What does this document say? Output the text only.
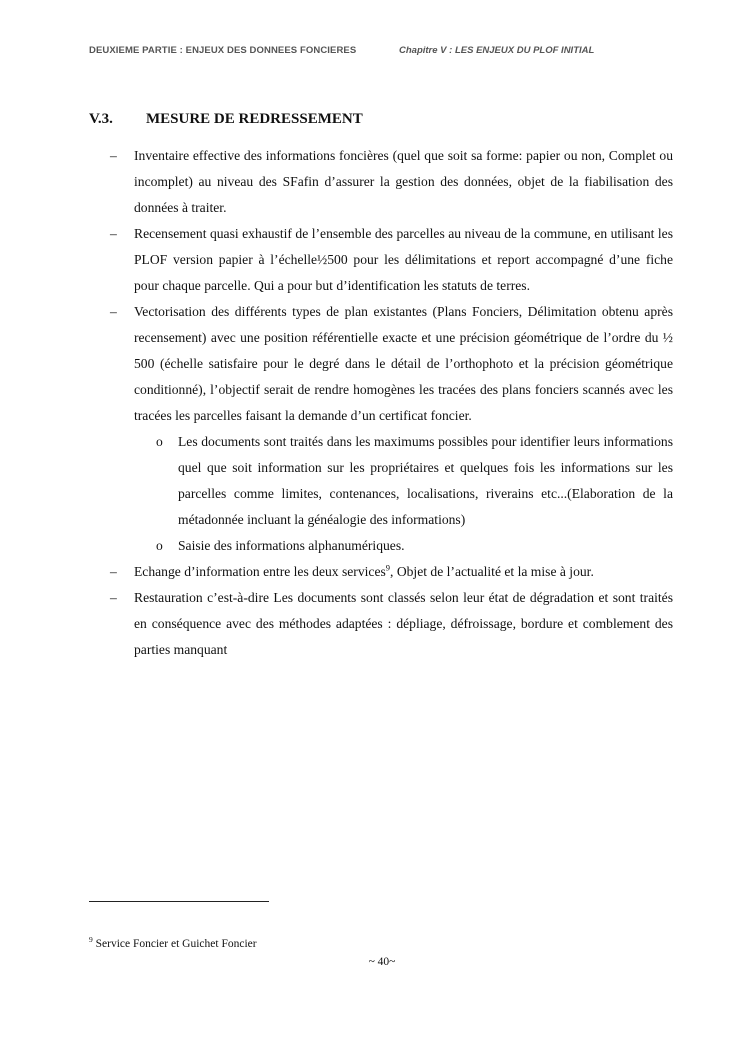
DEUXIEME PARTIE : ENJEUX DES DONNEES FONCIERES	Chapitre V : LES ENJEUX DU PLOF INITIAL
V.3. MESURE DE REDRESSEMENT
– Inventaire effective des informations foncières (quel que soit sa forme: papier ou non, Complet ou incomplet) au niveau des SFafin d’assurer la gestion des données, objet de la fiabilisation des données à traiter.
– Recensement quasi exhaustif de l’ensemble des parcelles au niveau de la commune, en utilisant les PLOF version papier à l’échelle½500 pour les délimitations et report accompagné d’une fiche pour chaque parcelle. Qui a pour but d’identification les statuts de terres.
– Vectorisation des différents types de plan existantes (Plans Fonciers, Délimitation obtenu après recensement) avec une position référentielle exacte et une précision géométrique de l’ordre du ½ 500 (échelle satisfaire pour le degré dans le détail de l’orthophoto et la précision géométrique conditionné), l’objectif serait de rendre homogènes les tracées des plans fonciers scannés avec les tracées les parcelles faisant la demande d’un certificat foncier.
o Les documents sont traités dans les maximums possibles pour identifier leurs informations quel que soit information sur les propriétaires et quelques fois les informations sur les parcelles comme limites, contenances, localisations, riverains etc...(Elaboration de la métadonnée incluant la généalogie des informations)
o Saisie des informations alphanumériques.
– Echange d’information entre les deux services$^9$, Objet de l’actualité et la mise à jour.
– Restauration c’est-à-dire Les documents sont classés selon leur état de dégradation et sont traités en conséquence avec des méthodes adaptées : dépliage, défroissage, bordure et comblement des parties manquant
$^9$ Service Foncier et Guichet Foncier
~ 40~
